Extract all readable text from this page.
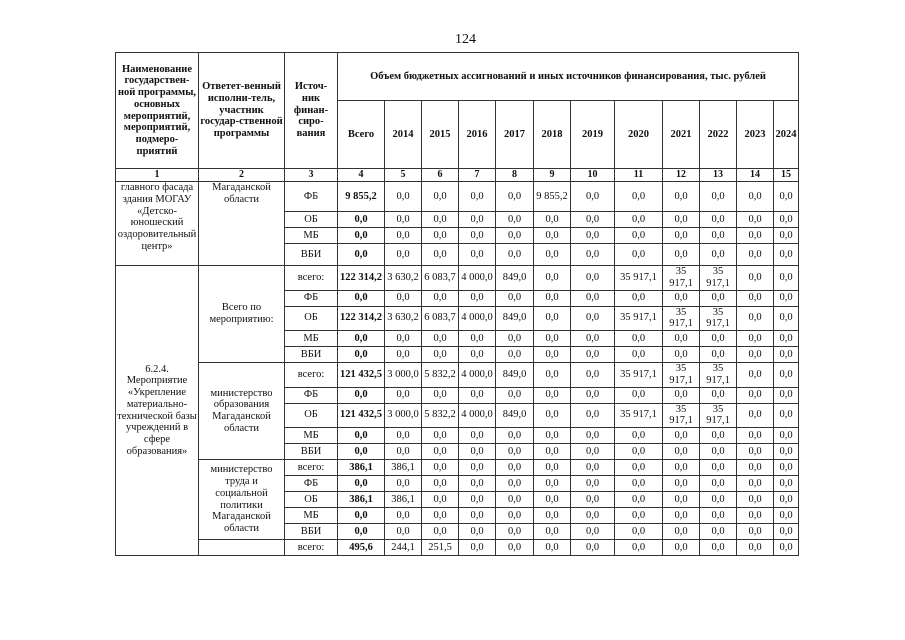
124
Наименование государствен-ной программы, основных мероприятий, мероприятий, подмеро-приятий	Ответет-венный исполни-тель, участник государ-ственной программы	Источ-ник финан-сиро-вания	Объем бюджетных ассигнований и иных источников финансирования, тыс. рублей											
			Всего	2014	2015	2016	2017	2018	2019	2020	2021	2022	2023	2024
1	2	3	4	5	6	7	8	9	10	11	12	13	14	15
главного фасада здания МОГАУ «Детско-юношеский оздоровительный центр»	Магаданской области	ФБ	9 855,2	0,0	0,0	0,0	0,0	9 855,2	0,0	0,0	0,0	0,0	0,0	0,0
		ОБ	0,0	0,0	0,0	0,0	0,0	0,0	0,0	0,0	0,0	0,0	0,0	0,0
		МБ	0,0	0,0	0,0	0,0	0,0	0,0	0,0	0,0	0,0	0,0	0,0	0,0
		ВБИ	0,0	0,0	0,0	0,0	0,0	0,0	0,0	0,0	0,0	0,0	0,0	0,0
6.2.4. Мероприятие «Укрепление материально-технической базы учреждений в сфере образования»	Всего по мероприятию:	всего:	122 314,2	3 630,2	6 083,7	4 000,0	849,0	0,0	0,0	35 917,1	35 917,1	35 917,1	0,0	0,0
		ФБ	0,0	0,0	0,0	0,0	0,0	0,0	0,0	0,0	0,0	0,0	0,0	0,0
		ОБ	122 314,2	3 630,2	6 083,7	4 000,0	849,0	0,0	0,0	35 917,1	35 917,1	35 917,1	0,0	0,0
		МБ	0,0	0,0	0,0	0,0	0,0	0,0	0,0	0,0	0,0	0,0	0,0	0,0
		ВБИ	0,0	0,0	0,0	0,0	0,0	0,0	0,0	0,0	0,0	0,0	0,0	0,0
	министерство образования Магаданской области	всего:	121 432,5	3 000,0	5 832,2	4 000,0	849,0	0,0	0,0	35 917,1	35 917,1	35 917,1	0,0	0,0
		ФБ	0,0	0,0	0,0	0,0	0,0	0,0	0,0	0,0	0,0	0,0	0,0	0,0
		ОБ	121 432,5	3 000,0	5 832,2	4 000,0	849,0	0,0	0,0	35 917,1	35 917,1	35 917,1	0,0	0,0
		МБ	0,0	0,0	0,0	0,0	0,0	0,0	0,0	0,0	0,0	0,0	0,0	0,0
		ВБИ	0,0	0,0	0,0	0,0	0,0	0,0	0,0	0,0	0,0	0,0	0,0	0,0
	министерство труда и социальной политики Магаданской области	всего:	386,1	386,1	0,0	0,0	0,0	0,0	0,0	0,0	0,0	0,0	0,0	0,0
		ФБ	0,0	0,0	0,0	0,0	0,0	0,0	0,0	0,0	0,0	0,0	0,0	0,0
		ОБ	386,1	386,1	0,0	0,0	0,0	0,0	0,0	0,0	0,0	0,0	0,0	0,0
		МБ	0,0	0,0	0,0	0,0	0,0	0,0	0,0	0,0	0,0	0,0	0,0	0,0
		ВБИ	0,0	0,0	0,0	0,0	0,0	0,0	0,0	0,0	0,0	0,0	0,0	0,0
		всего:	495,6	244,1	251,5	0,0	0,0	0,0	0,0	0,0	0,0	0,0	0,0	0,0
